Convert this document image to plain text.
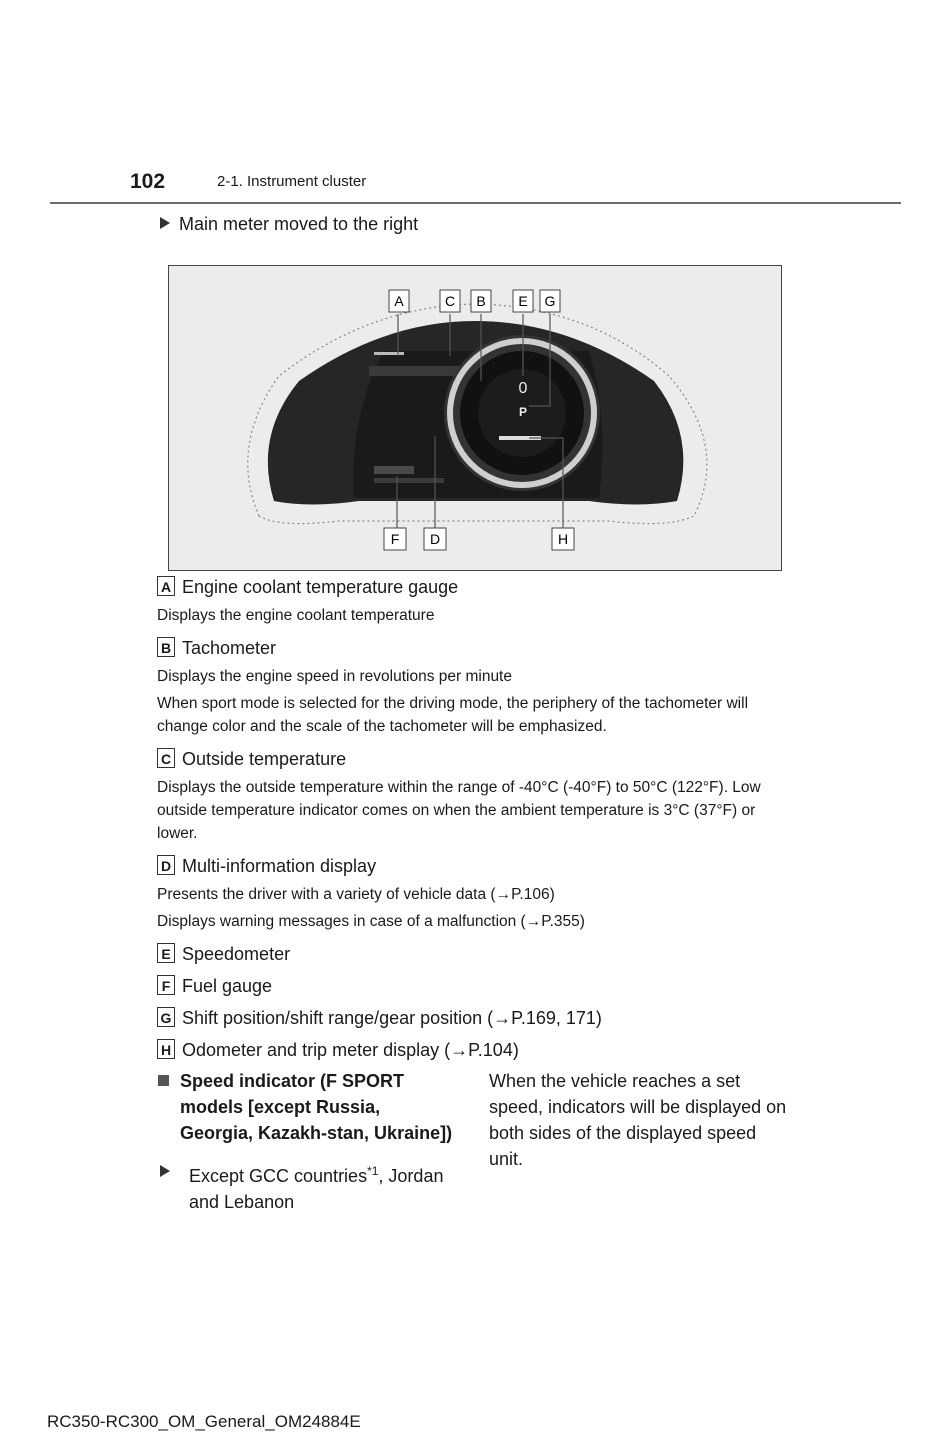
102	2-1. Instrument cluster
Main meter moved to the right
0
P
A	C B E G
F D	H
A Engine coolant temperature gauge
Displays the engine coolant temperature
B Tachometer
Displays the engine speed in revolutions per minute
When sport mode is selected for the driving mode, the periphery of the tachometer will change color and the scale of the tachometer will be emphasized.
C Outside temperature
Displays the outside temperature within the range of -40°C (-40°F) to 50°C (122°F). Low outside temperature indicator comes on when the ambient temperature is 3°C (37°F) or lower.
D Multi-information display
Presents the driver with a variety of vehicle data (→P.106)
Displays warning messages in case of a malfunction (→P.355)
E Speedometer
F Fuel gauge
G Shift position/shift range/gear position (→P.169, 171)
H Odometer and trip meter display (→P.104)
Speed indicator (F SPORT models [except Russia, Georgia, Kazakh-stan, Ukraine])
When the vehicle reaches a set speed, indicators will be displayed on both sides of the displayed speed unit.
Except GCC countries$^{*1}$, Jordan and Lebanon
RC350-RC300_OM_General_OM24884E
